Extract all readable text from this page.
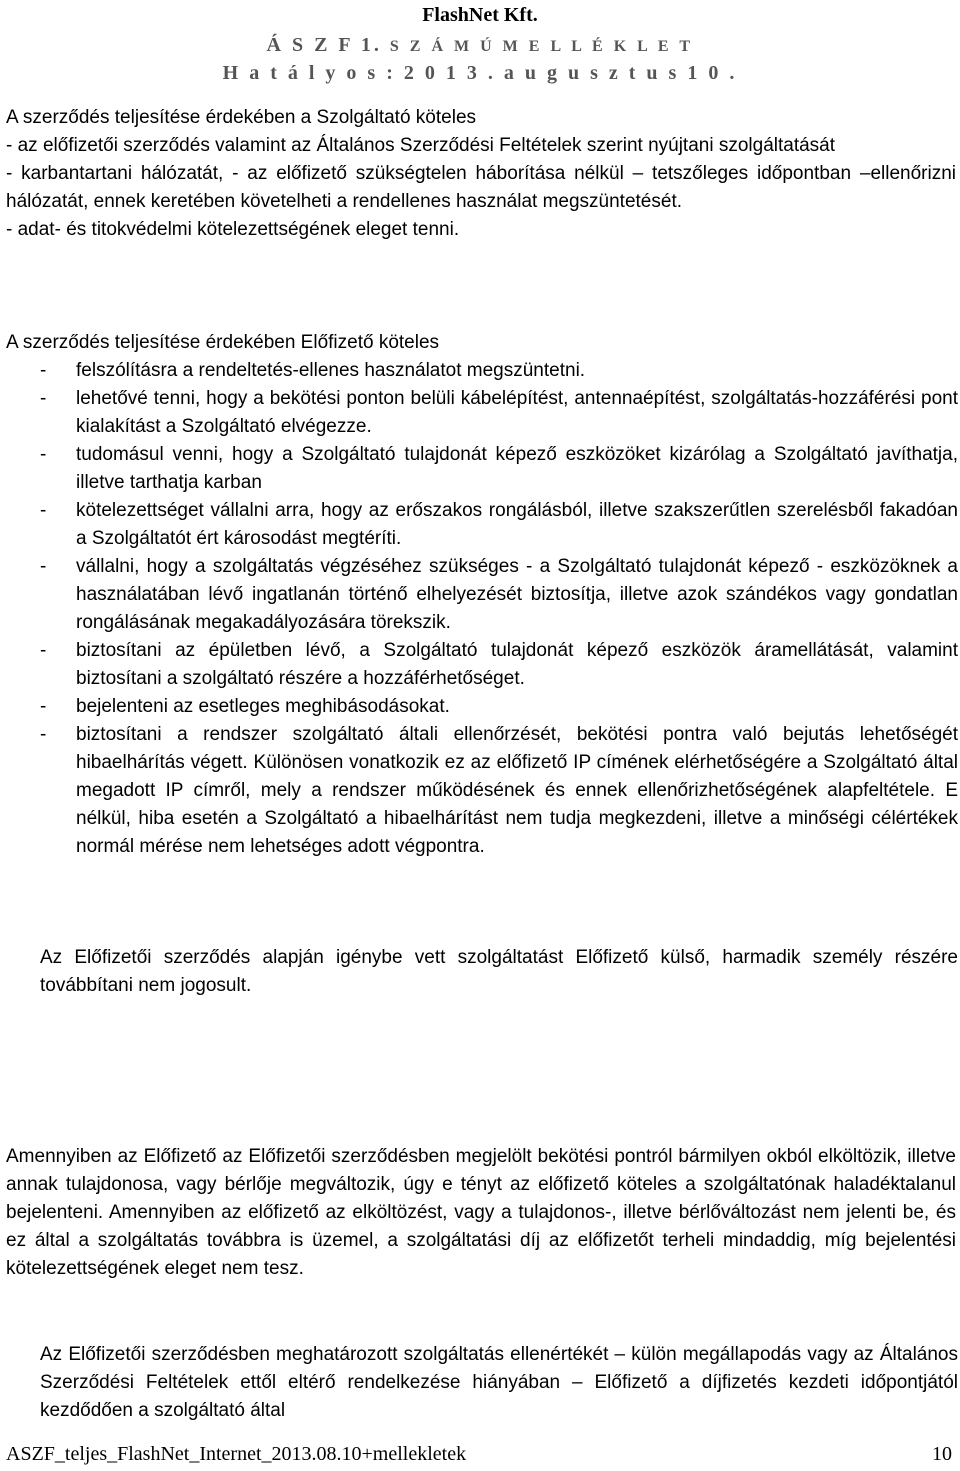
FlashNet Kft.
Á S Z F 1. S Z Á M Ú M E L L É K L E T
H a t á l y o s : 2 0 1 3 . a u g u s z t u s 1 0 .
A szerződés teljesítése érdekében a Szolgáltató köteles
- az előfizetői szerződés valamint az Általános Szerződési Feltételek szerint nyújtani szolgáltatását
- karbantartani hálózatát, - az előfizető szükségtelen háborítása nélkül – tetszőleges időpontban –ellenőrizni hálózatát, ennek keretében követelheti a rendellenes használat megszüntetését.
- adat- és titokvédelmi kötelezettségének eleget tenni.
A szerződés teljesítése érdekében Előfizető köteles
-	felszólításra a rendeltetés-ellenes használatot megszüntetni.
-	lehetővé tenni, hogy a bekötési ponton belüli kábelépítést, antennaépítést, szolgáltatás-hozzáférési pont kialakítást a Szolgáltató elvégezze.
-	tudomásul venni, hogy a Szolgáltató tulajdonát képező eszközöket kizárólag a Szolgáltató javíthatja, illetve tarthatja karban
-	kötelezettséget vállalni arra, hogy az erőszakos rongálásból, illetve szakszerűtlen szerelésből fakadóan a Szolgáltatót ért károsodást megtéríti.
-	vállalni, hogy a szolgáltatás végzéséhez szükséges - a Szolgáltató tulajdonát képező - eszközöknek a használatában lévő ingatlanán történő elhelyezését biztosítja, illetve azok szándékos vagy gondatlan rongálásának megakadályozására törekszik.
-	biztosítani az épületben lévő, a Szolgáltató tulajdonát képező eszközök áramellátását, valamint biztosítani a szolgáltató részére a hozzáférhetőséget.
-	bejelenteni az esetleges meghibásodásokat.
-	biztosítani a rendszer szolgáltató általi ellenőrzését, bekötési pontra való bejutás lehetőségét hibaelhárítás végett. Különösen vonatkozik ez az előfizető IP címének elérhetőségére a Szolgáltató által megadott IP címről, mely a rendszer működésének és ennek ellenőrizhetőségének alapfeltétele. E nélkül, hiba esetén a Szolgáltató a hibaelhárítást nem tudja megkezdeni, illetve a minőségi célértékek normál mérése nem lehetséges adott végpontra.

Az Előfizetői szerződés alapján igénybe vett szolgáltatást Előfizető külső, harmadik személy részére továbbítani nem jogosult.

Amennyiben az Előfizető az Előfizetői szerződésben megjelölt bekötési pontról bármilyen okból elköltözik, illetve annak tulajdonosa, vagy bérlője megváltozik, úgy e tényt az előfizető köteles a szolgáltatónak haladéktalanul bejelenteni. Amennyiben az előfizető az elköltözést, vagy a tulajdonos-, illetve bérlőváltozást nem jelenti be, és ez által a szolgáltatás továbbra is üzemel, a szolgáltatási díj az előfizetőt terheli mindaddig, míg bejelentési kötelezettségének eleget nem tesz.

Az Előfizetői szerződésben meghatározott szolgáltatás ellenértékét – külön megállapodás vagy az Általános Szerződési Feltételek ettől eltérő rendelkezése hiányában – Előfizető a díjfizetés kezdeti időpontjától kezdődően a szolgáltató által

ASZF_teljes_FlashNet_Internet_2013.08.10+mellekletek	10
